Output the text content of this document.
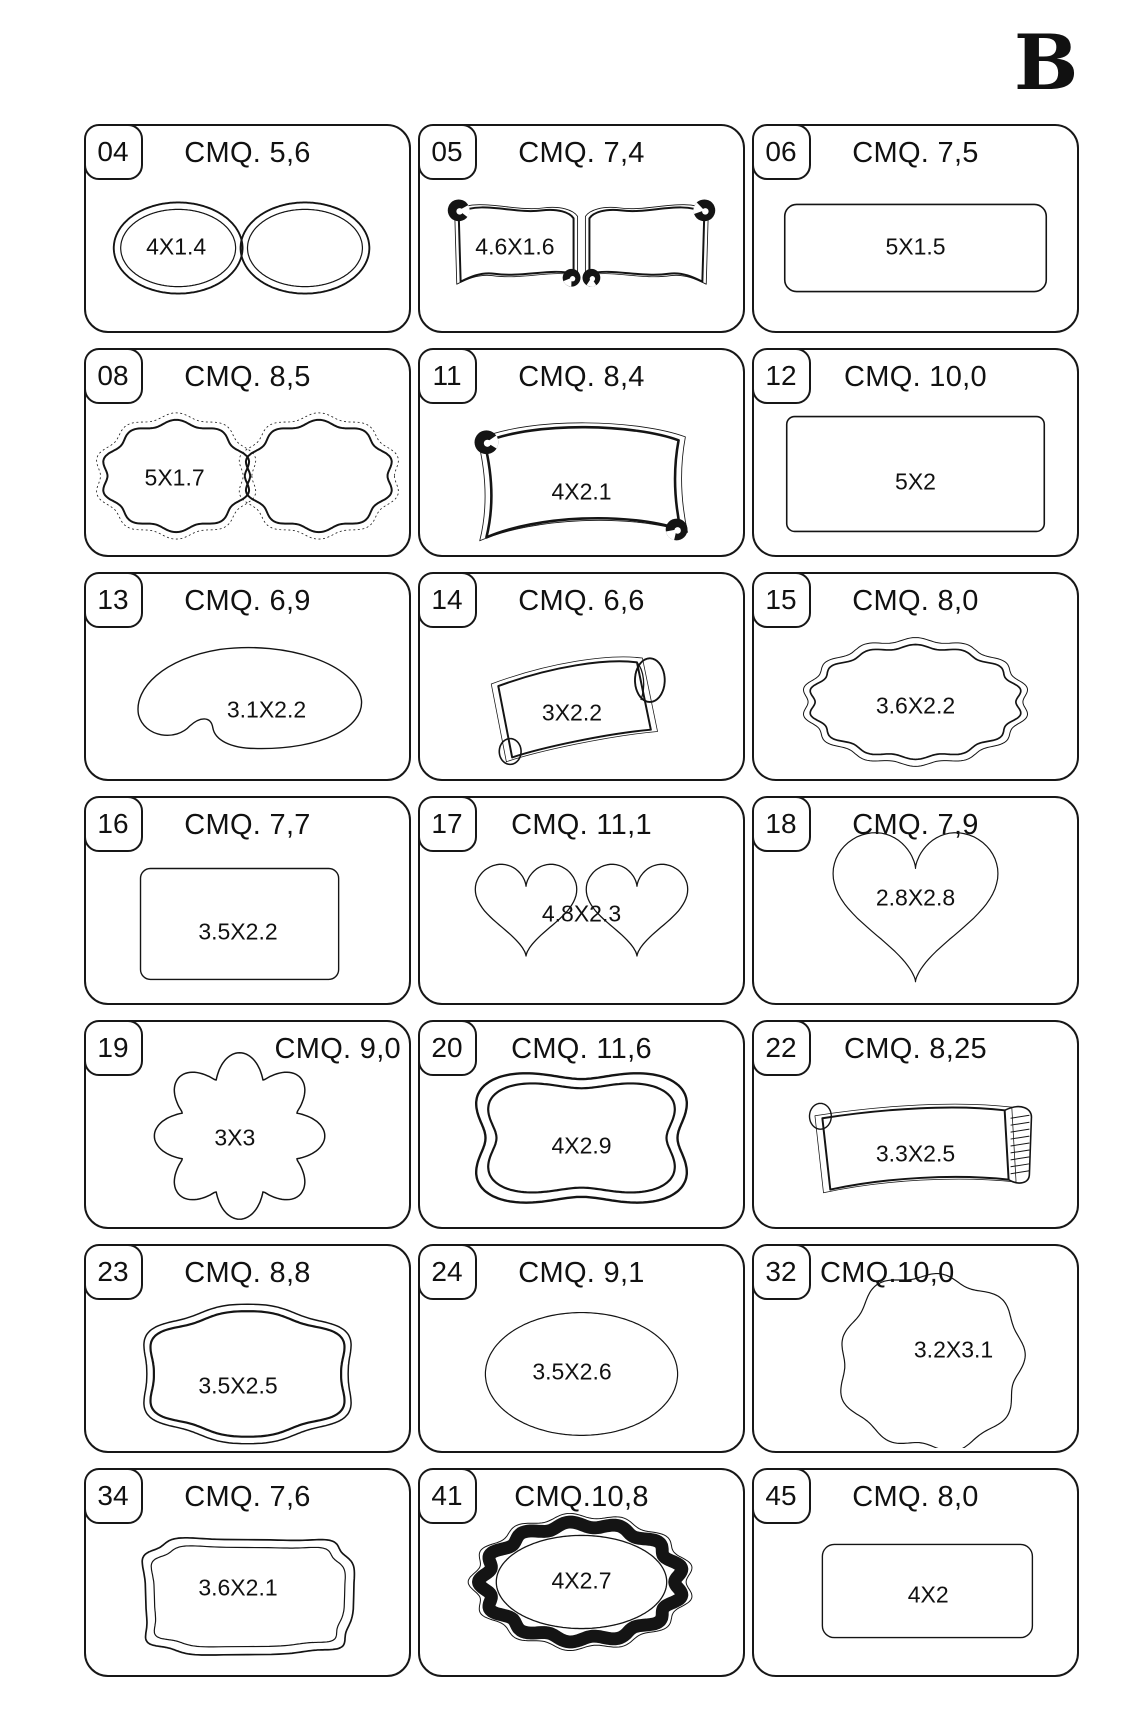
B
04	CMQ. 5,6
4X1.4
05	CMQ. 7,4
4.6X1.6
06	CMQ. 7,5
5X1.5
08	CMQ. 8,5
5X1.7
11	CMQ. 8,4
4X2.1
12	CMQ. 10,0
5X2
13	CMQ. 6,9
3.1X2.2
14	CMQ. 6,6
3X2.2
15	CMQ. 8,0
3.6X2.2
16	CMQ. 7,7
3.5X2.2
17	CMQ. 11,1
4.8X2.3
18	CMQ. 7,9
2.8X2.8
19	CMQ. 9,0
3X3
20	CMQ. 11,6
4X2.9
22	CMQ. 8,25
3.3X2.5
23	CMQ. 8,8
3.5X2.5
24	CMQ. 9,1
3.5X2.6
32 CMQ.10,0
3.2X3.1
34	CMQ. 7,6
3.6X2.1
41	CMQ.10,8
4X2.7
45	CMQ. 8,0
4X2
